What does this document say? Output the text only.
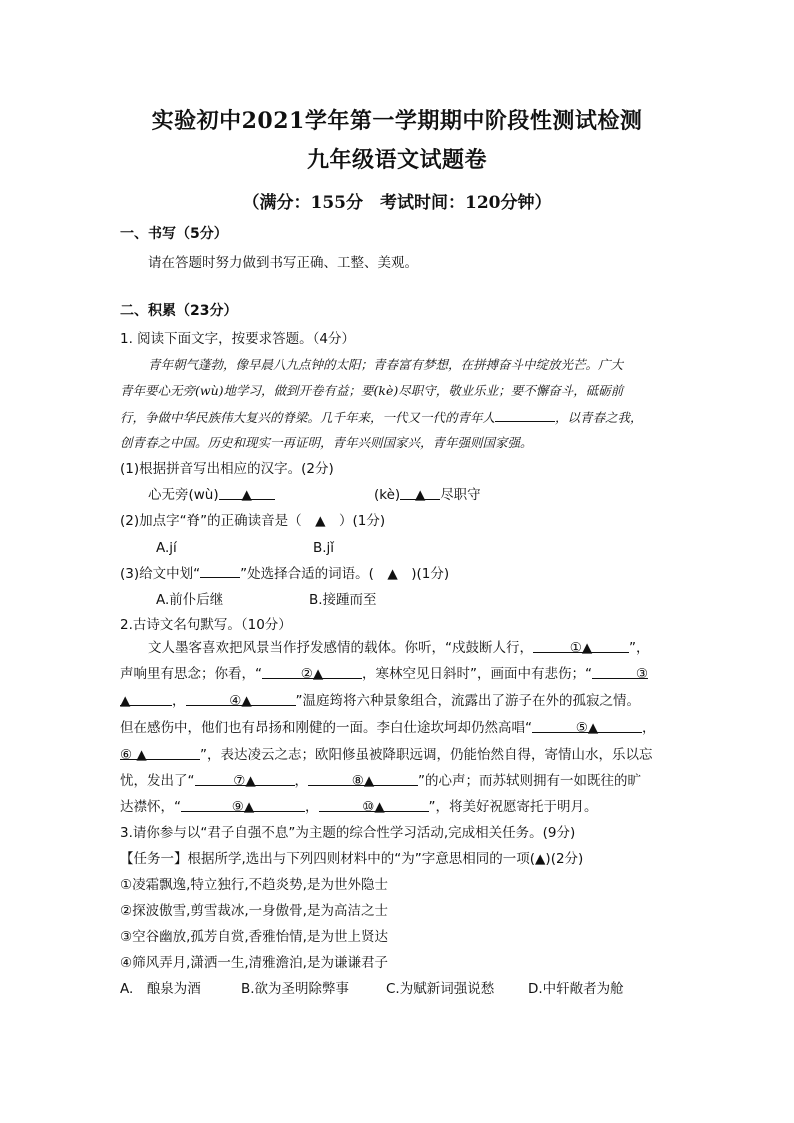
实验初中2021学年第一学期期中阶段性测试检测
九年级语文试题卷
（满分：155分　考试时间：120分钟）
一、书写（5分）
请在答题时努力做到书写正确、工整、美观。
二、积累（23分）
1. 阅读下面文字，按要求答题。（4分）
青年朝气蓬勃，像早晨八九点钟的太阳；青春富有梦想，在拼搏奋斗中绽放光芒。广大
青年要心无旁(wù)地学习，做到开卷有益；要(kè)尽职守，敬业乐业；要不懈奋斗，砥砺前
行，争做中华民族伟大复兴的脊梁。几千年来，一代又一代的青年人	，以青春之我，
创青春之中国。历史和现实一再证明，青年兴则国家兴，青年强则国家强。
(1)根据拼音写出相应的汉字。(2分)
心无旁(wù) ▲	(kè) ▲ 尽职守
(2)加点字“脊”的正确读音是（　▲　）(1分)
A.jí	B.jǐ
(3)给文中划“	”处选择合适的词语。(　▲　)(1分)
A.前仆后继	B.接踵而至
2.古诗文名句默写。（10分）
文人墨客喜欢把风景当作抒发感情的载体。你听，“戍鼓断人行，	①▲	”，
声响里有思念；你看，“	②▲	，寒林空见日斜时”，画面中有悲伤；“	③
▲	，	④▲	”温庭筠将六种景象组合，流露出了游子在外的孤寂之情。
但在感伤中，他们也有昂扬和刚健的一面。李白仕途坎坷却仍然高唱“	⑤▲	，
⑥ ▲	”，表达凌云之志；欧阳修虽被降职远调，仍能怡然自得，寄情山水，乐以忘
忧，发出了“	⑦▲	，	⑧▲	”的心声；而苏轼则拥有一如既往的旷
达襟怀，“	⑨▲	，	⑩▲	”，将美好祝愿寄托于明月。
3.请你参与以“君子自强不息”为主题的综合性学习活动,完成相关任务。(9分)
【任务一】根据所学,选出与下列四则材料中的“为”字意思相同的一项(▲)(2分)
①凌霜飘逸,特立独行,不趋炎势,是为世外隐士
②探波傲雪,剪雪裁冰,一身傲骨,是为高洁之士
③空谷幽放,孤芳自赏,香雅怡情,是为世上贤达
④筛风弄月,潇洒一生,清雅澹泊,是为谦谦君子
A.　酿泉为酒	B.欲为圣明除弊事	C.为赋新词强说愁	D.中轩敞者为舱
